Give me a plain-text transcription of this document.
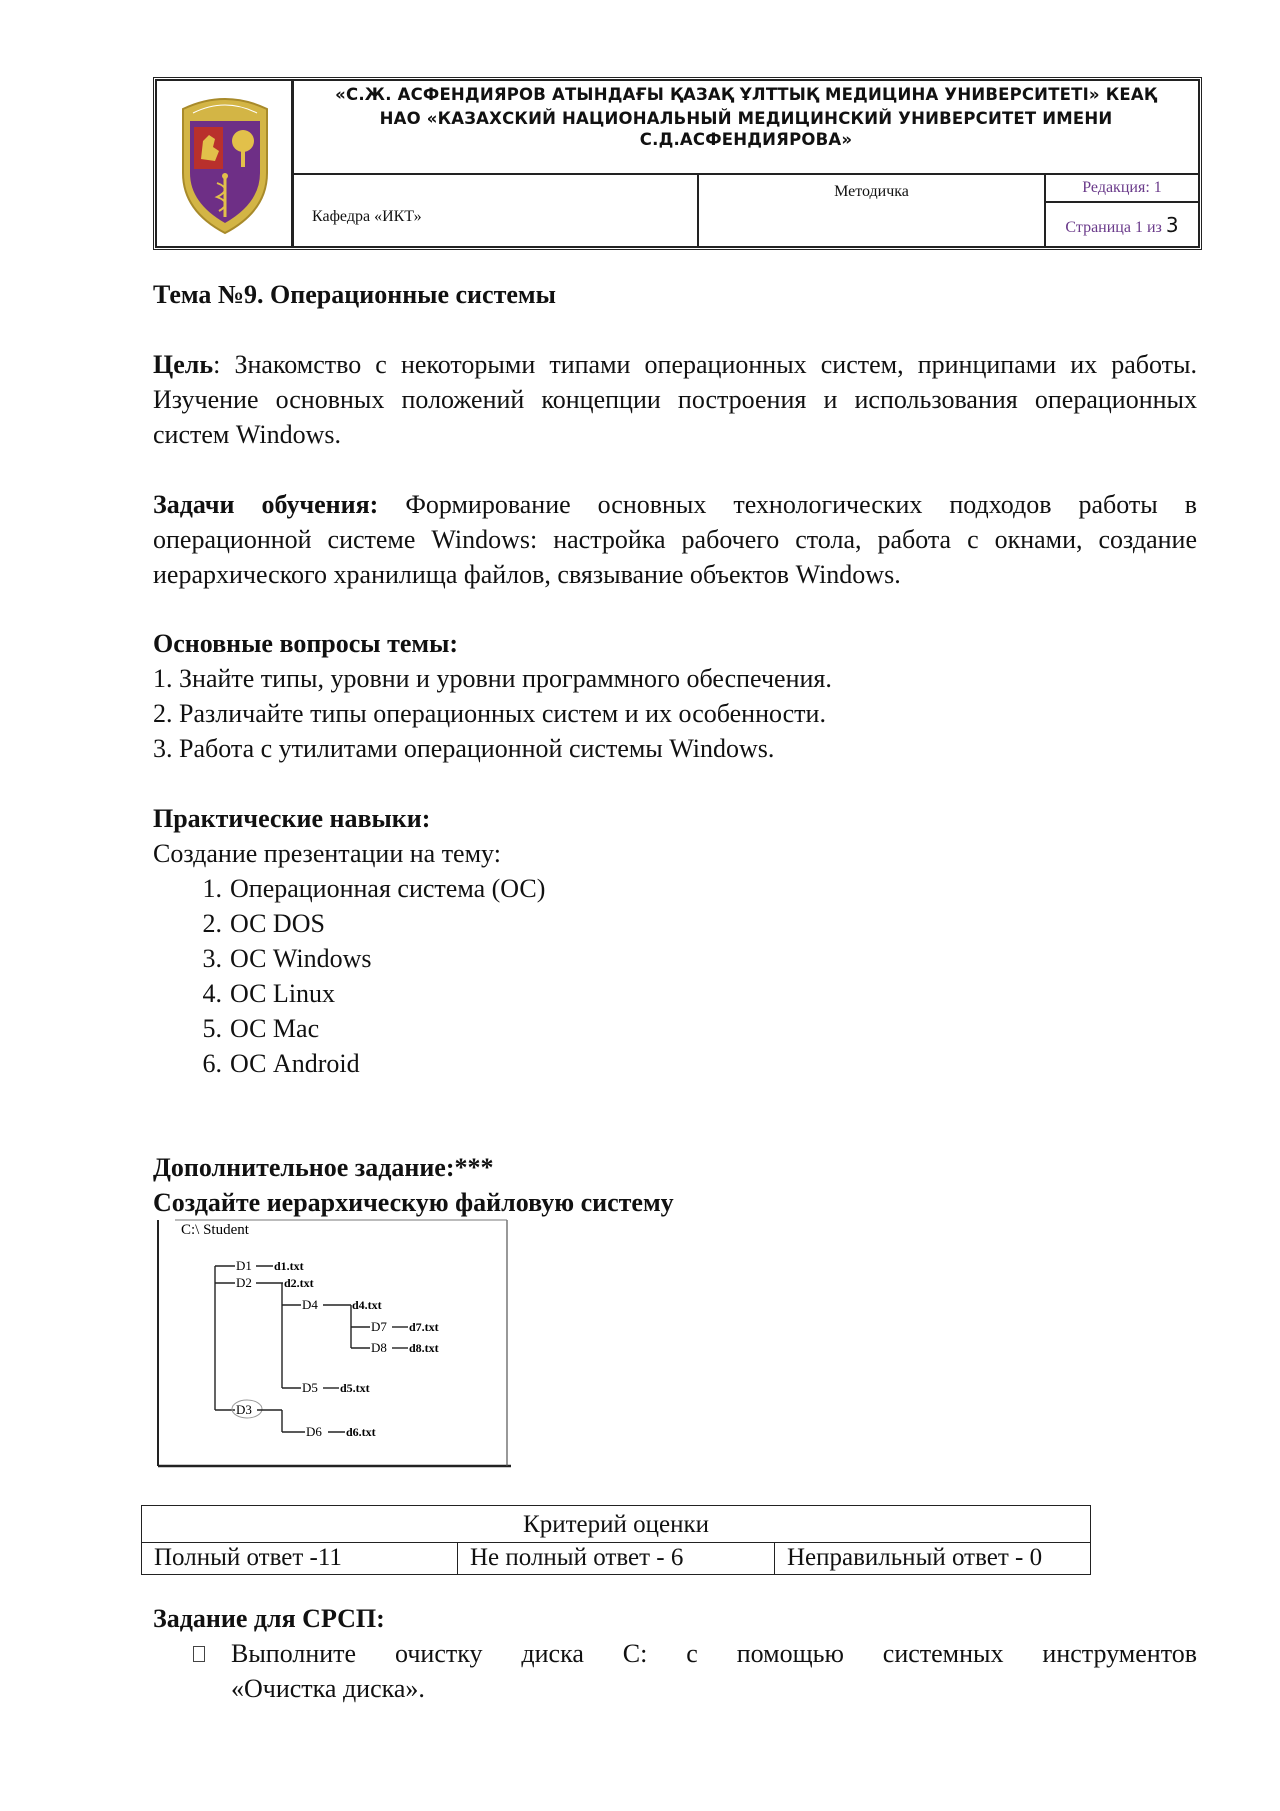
«С.Ж. АСФЕНДИЯРОВ АТЫНДАҒЫ ҚАЗАҚ ҰЛТТЫҚ МЕДИЦИНА УНИВЕРСИТЕТІ» КЕАҚ
НАО «КАЗАХСКИЙ НАЦИОНАЛЬНЫЙ МЕДИЦИНСКИЙ УНИВЕРСИТЕТ ИМЕНИ С.Д.АСФЕНДИЯРОВА»
Кафедра «ИКТ»
Методичка	Редакция: 1
Страница 1 из 3
Тема №9. Операционные системы
Цель: Знакомство с некоторыми типами операционных систем, принципами их работы. Изучение основных положений концепции построения и использования операционных систем Windows.
Задачи обучения: Формирование основных технологических подходов работы в операционной системе Windows: настройка рабочего стола, работа с окнами, создание иерархического хранилища файлов, связывание объектов Windows.
Основные вопросы темы:
1. Знайте типы, уровни и уровни программного обеспечения.
2. Различайте типы операционных систем и их особенности.
3. Работа с утилитами операционной системы Windows.
Практические навыки:
Создание презентации на тему:
1. Операционная система (ОС)
2. ОС DOS
3. ОС Windows
4. ОС Linux
5. ОС Mac
6. ОС Android
Дополнительное задание:***
Создайте иерархическую файловую систему
C:\ Student
D1 d1.txt
D2	d2.txt
D4	d4.txt
D7 d7.txt
D8 d8.txt
D5 d5.txt
D3
D6 d6.txt
Критерий оценки
Полный ответ -11	Не полный ответ - 6	Неправильный ответ - 0
Задание для СРСП:
Выполните очистку диска С: с помощью системных инструментов
«Очистка диска».
